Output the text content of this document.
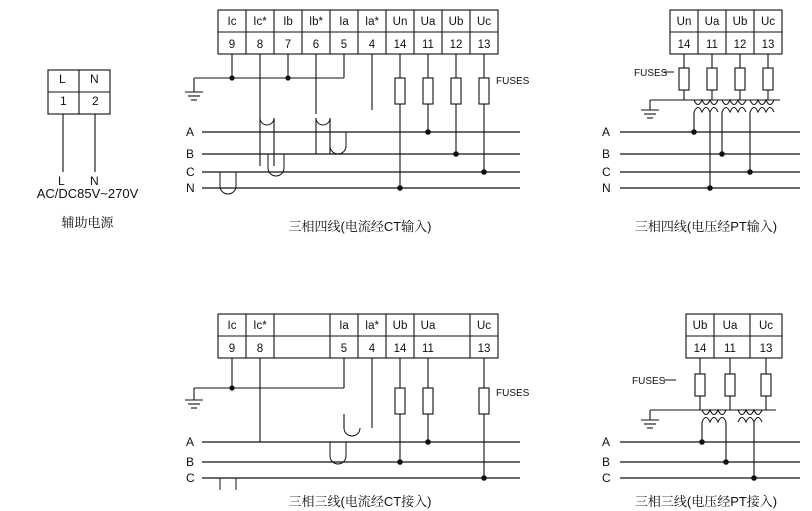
L N
1 2
L N
AC/DC85V~270V
辅助电源
Ic Ic* Ib Ib* Ia Ia* Un Ua Ub Uc
9 8 7 6 5 4 14 11 12 13
FUSES
A
B
C
N
三相四线(电流经CT输入)
Un Ua Ub Uc
14 11 12 13
FUSES
A
B
C
N
三相四线(电压经PT输入)
Ic Ic*	Ia Ia* Ub Ua	Uc
9 8	5 4 14 11	13
FUSES
A
B
C
三相三线(电流经CT接入)
Ub Ua Uc
14 11 13
FUSES
A
B
C
三相三线(电压经PT接入)
